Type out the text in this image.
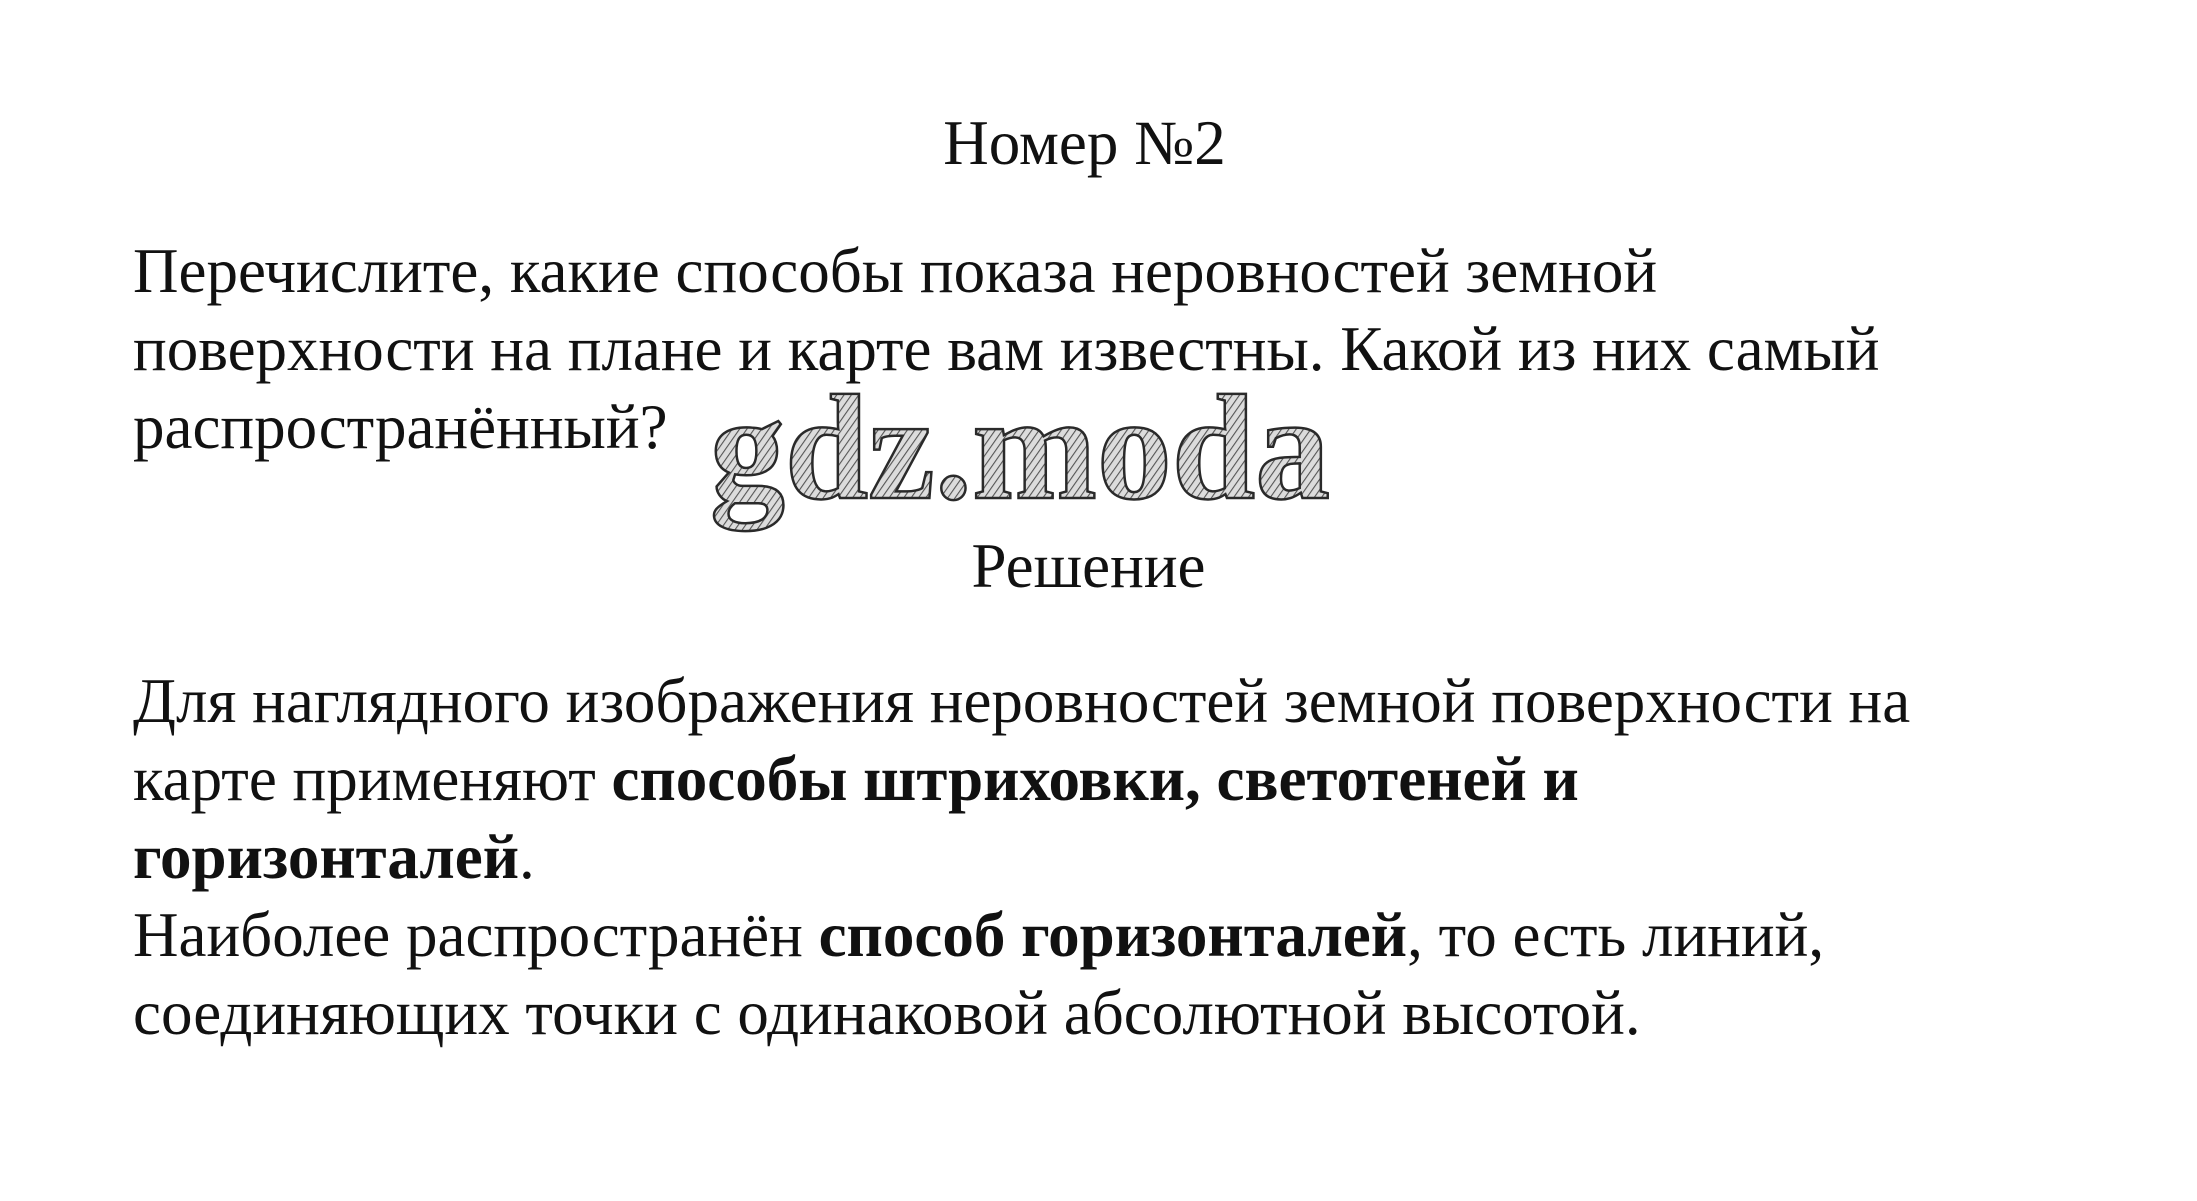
Номер №2
Перечислите, какие способы показа неровностей земной
поверхности на плане и карте вам известны. Какой из них самый
распространённый? gdz.moda
Решение
Для наглядного изображения неровностей земной поверхности на
карте применяют способы штриховки, светотеней и
горизонталей.
Наиболее распространён способ горизонталей, то есть линий,
соединяющих точки с одинаковой абсолютной высотой.
